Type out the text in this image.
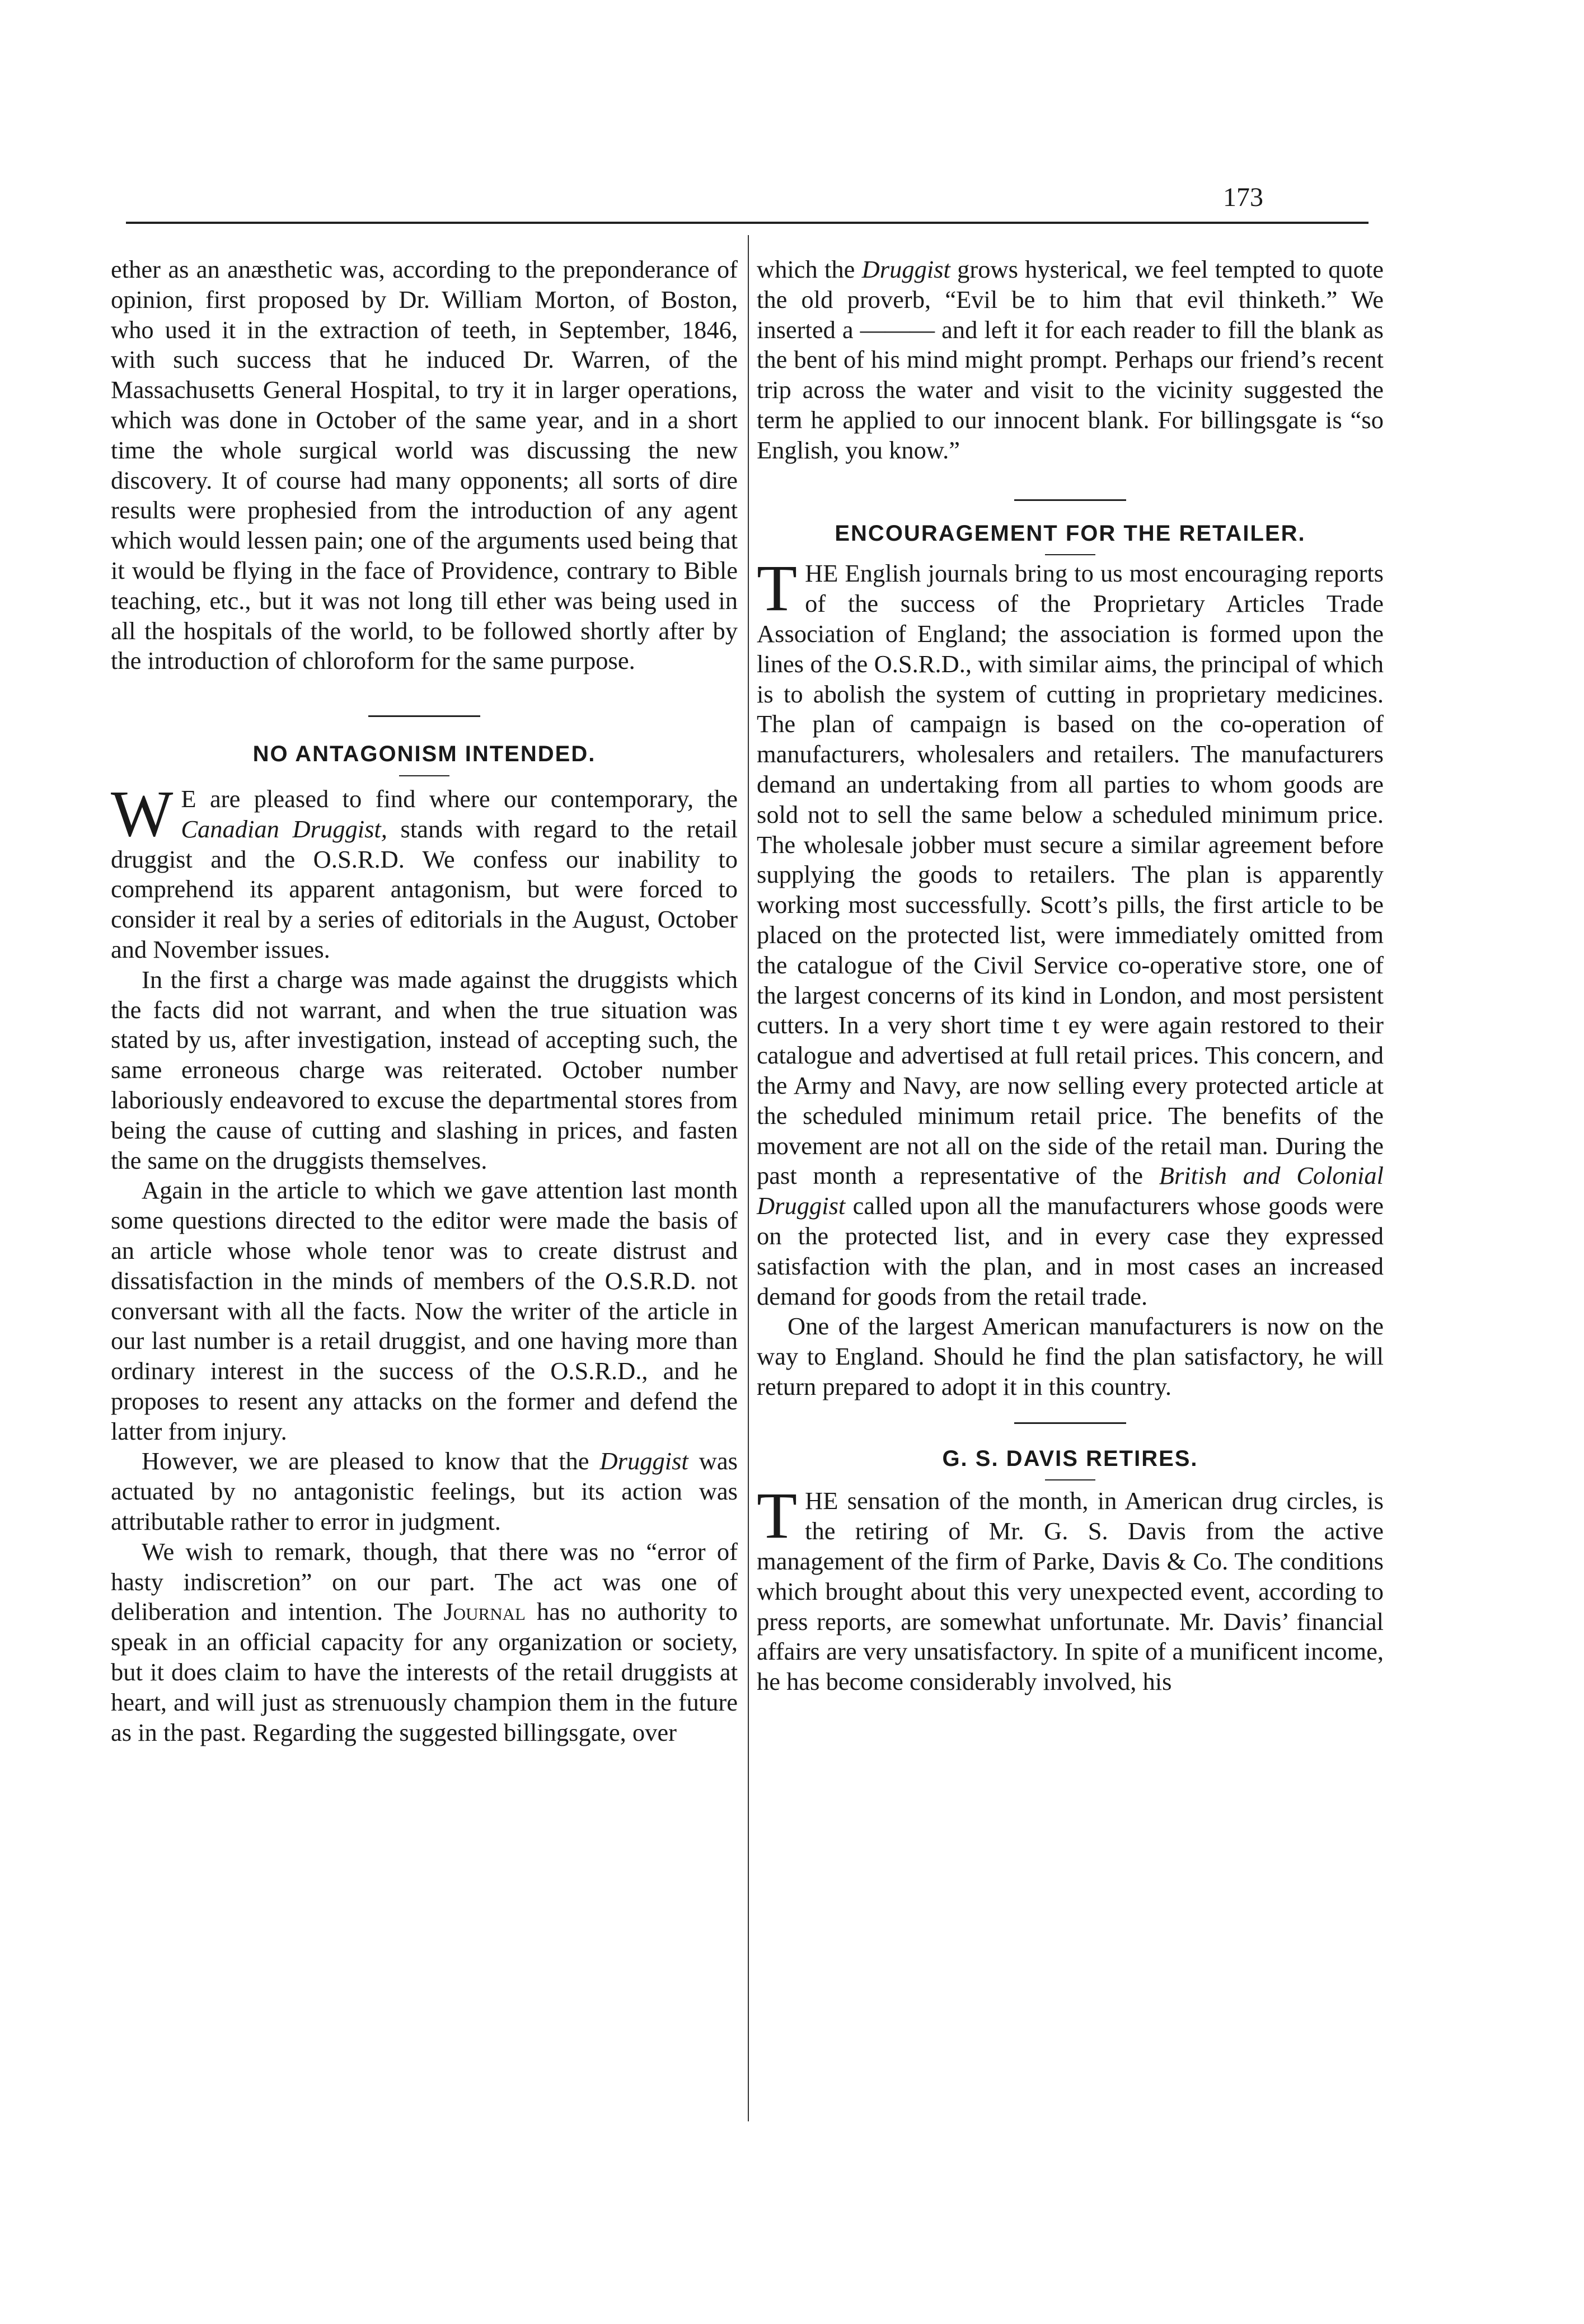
173

ether as an anæsthetic was, according to the preponderance of opinion, first proposed by Dr. William Morton, of Boston, who used it in the extraction of teeth, in September, 1846, with such success that he induced Dr. Warren, of the Massachusetts General Hospital, to try it in larger operations, which was done in October of the same year, and in a short time the whole surgical world was discussing the new discovery. It of course had many opponents; all sorts of dire results were prophesied from the introduction of any agent which would lessen pain; one of the arguments used being that it would be flying in the face of Providence, contrary to Bible teaching, etc., but it was not long till ether was being used in all the hospitals of the world, to be followed shortly after by the introduction of chloroform for the same purpose.

NO ANTAGONISM INTENDED.

W E are pleased to find where our contemporary, the Canadian Druggist, stands with regard to the retail druggist and the O.S.R.D. We confess our inability to comprehend its apparent antagonism, but were forced to consider it real by a series of editorials in the August, October and November issues.

In the first a charge was made against the druggists which the facts did not warrant, and when the true situation was stated by us, after investigation, instead of accepting such, the same erroneous charge was reiterated. October number laboriously endeavored to excuse the departmental stores from being the cause of cutting and slashing in prices, and fasten the same on the druggists themselves.

Again in the article to which we gave attention last month some questions directed to the editor were made the basis of an article whose whole tenor was to create distrust and dissatisfaction in the minds of members of the O.S.R.D. not conversant with all the facts. Now the writer of the article in our last number is a retail druggist, and one having more than ordinary interest in the success of the O.S.R.D., and he proposes to resent any attacks on the former and defend the latter from injury.

However, we are pleased to know that the Druggist was actuated by no antagonistic feelings, but its action was attributable rather to error in judgment.

We wish to remark, though, that there was no “error of hasty indiscretion” on our part. The act was one of deliberation and intention. The Journal has no authority to speak in an official capacity for any organization or society, but it does claim to have the interests of the retail druggists at heart, and will just as strenuously champion them in the future as in the past. Regarding the suggested billingsgate, over

which the Druggist grows hysterical, we feel tempted to quote the old proverb, “Evil be to him that evil thinketh.” We inserted a ——— and left it for each reader to fill the blank as the bent of his mind might prompt. Perhaps our friend’s recent trip across the water and visit to the vicinity suggested the term he applied to our innocent blank. For billingsgate is “so English, you know.”

ENCOURAGEMENT FOR THE RETAILER.

THE English journals bring to us most encouraging reports of the success of the Proprietary Articles Trade Association of England; the association is formed upon the lines of the O.S.R.D., with similar aims, the principal of which is to abolish the system of cutting in proprietary medicines. The plan of campaign is based on the co-operation of manufacturers, wholesalers and retailers. The manufacturers demand an undertaking from all parties to whom goods are sold not to sell the same below a scheduled minimum price. The wholesale jobber must secure a similar agreement before supplying the goods to retailers. The plan is apparently working most successfully. Scott’s pills, the first article to be placed on the protected list, were immediately omitted from the catalogue of the Civil Service co-operative store, one of the largest concerns of its kind in London, and most persistent cutters. In a very short time t ey were again restored to their catalogue and advertised at full retail prices. This concern, and the Army and Navy, are now selling every protected article at the scheduled minimum retail price. The benefits of the movement are not all on the side of the retail man. During the past month a representative of the British and Colonial Druggist called upon all the manufacturers whose goods were on the protected list, and in every case they expressed satisfaction with the plan, and in most cases an increased demand for goods from the retail trade.

One of the largest American manufacturers is now on the way to England. Should he find the plan satisfactory, he will return prepared to adopt it in this country.

G. S. DAVIS RETIRES.

THE sensation of the month, in American drug circles, is the retiring of Mr. G. S. Davis from the active management of the firm of Parke, Davis & Co. The conditions which brought about this very unexpected event, according to press reports, are somewhat unfortunate. Mr. Davis’ financial affairs are very unsatisfactory. In spite of a munificent income, he has become considerably involved, his
